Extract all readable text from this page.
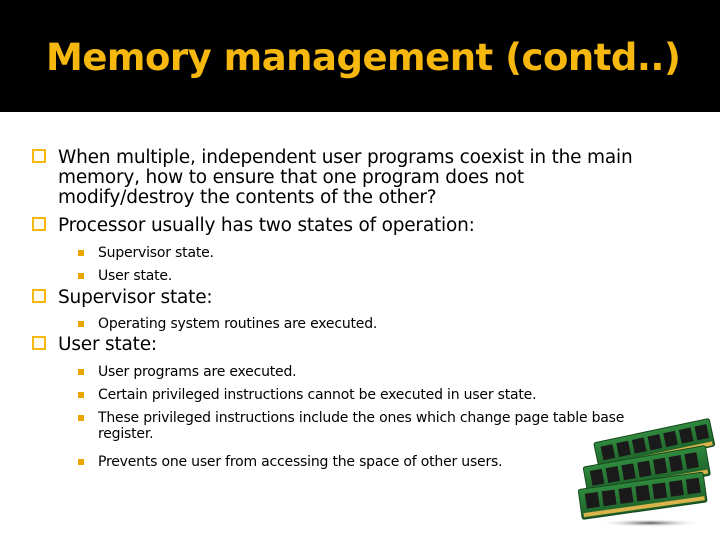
Memory management (contd..)
When multiple, independent user programs coexist in the main memory, how to ensure that one program does not modify/destroy the contents of the other?
Processor usually has two states of operation:
Supervisor state.
User state.
Supervisor state:
Operating system routines are executed.
User state:
User programs are executed.
Certain privileged instructions cannot be executed in user state.
These privileged instructions include the ones which change page table base register.
Prevents one user from accessing the space of other users.
